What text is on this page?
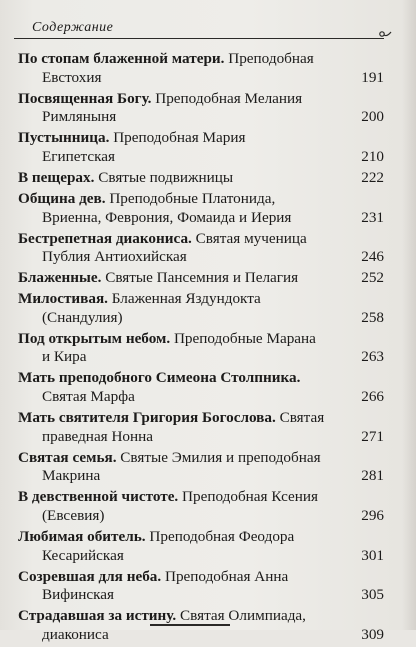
Содержание
По стопам блаженной матери. Преподобная
Евстохия	191
Посвященная Богу. Преподобная Мелания
Римляныня	200
Пустынница. Преподобная Мария
Египетская	210
В пещерах. Святые подвижницы	222
Община дев. Преподобные Платонида,
Вриенна, Феврония, Фомаида и Иерия	231
Бестрепетная диакониса. Святая мученица
Публия Антиохийская	246
Блаженные. Святые Пансемния и Пелагия	252
Милостивая. Блаженная Яздундокта
(Снандулия)	258
Под открытым небом. Преподобные Марана
и Кира	263
Мать преподобного Симеона Столпника.
Святая Марфа	266
Мать святителя Григория Богослова. Святая
праведная Нонна	271
Святая семья. Святые Эмилия и преподобная
Макрина	281
В девственной чистоте. Преподобная Ксения
(Евсевия)	296
Любимая обитель. Преподобная Феодора
Кесарийская	301
Созревшая для неба. Преподобная Анна
Вифинская	305
Страдавшая за истину. Святая Олимпиада,
диакониса	309
